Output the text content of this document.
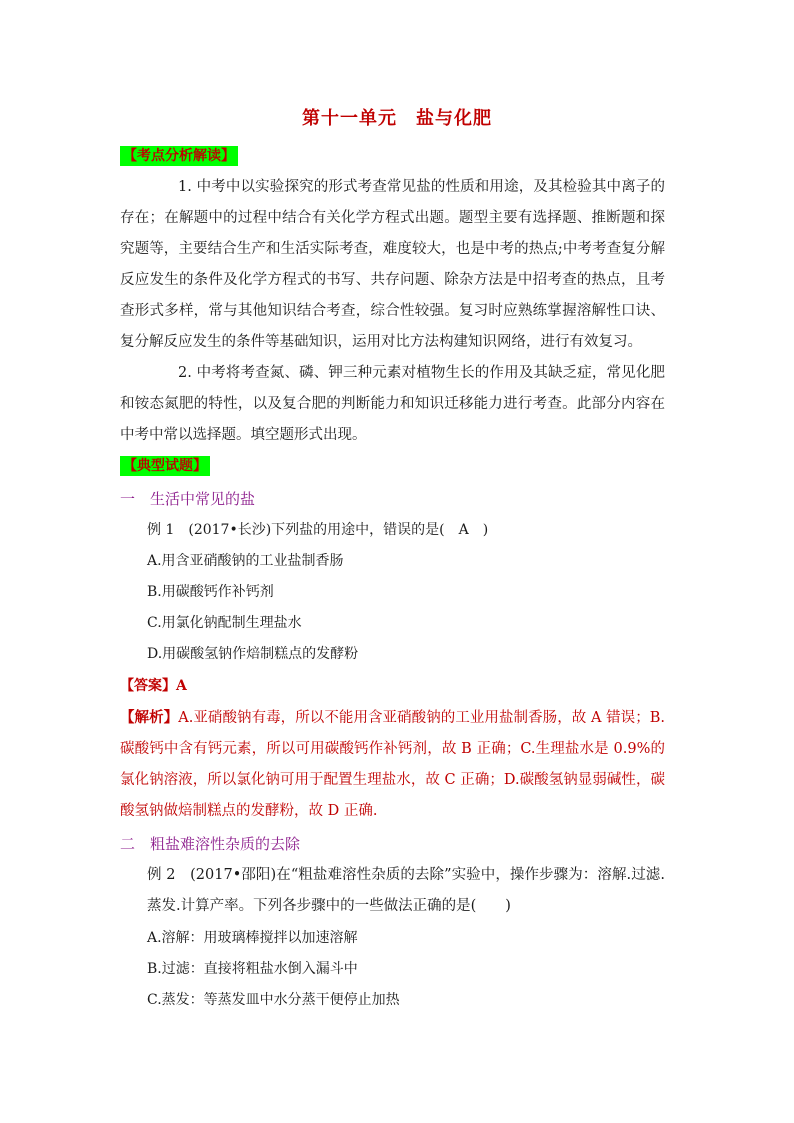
第十一单元　盐与化肥
【考点分析解读】
1. 中考中以实验探究的形式考查常见盐的性质和用途，及其检验其中离子的存在；在解题中的过程中结合有关化学方程式出题。题型主要有选择题、推断题和探究题等，主要结合生产和生活实际考查，难度较大，也是中考的热点;中考考查复分解反应发生的条件及化学方程式的书写、共存问题、除杂方法是中招考查的热点，且考查形式多样，常与其他知识结合考查，综合性较强。复习时应熟练掌握溶解性口诀、复分解反应发生的条件等基础知识，运用对比方法构建知识网络，进行有效复习。
2. 中考将考查氮、磷、钾三种元素对植物生长的作用及其缺乏症，常见化肥和铵态氮肥的特性，以及复合肥的判断能力和知识迁移能力进行考查。此部分内容在中考中常以选择题。填空题形式出现。
【典型试题】
一　生活中常见的盐
例 1　(2017•长沙)下列盐的用途中，错误的是(　A　)
A.用含亚硝酸钠的工业盐制香肠
B.用碳酸钙作补钙剂
C.用氯化钠配制生理盐水
D.用碳酸氢钠作焙制糕点的发酵粉
【答案】A
【解析】A.亚硝酸钠有毒，所以不能用含亚硝酸钠的工业用盐制香肠，故 A 错误；B.碳酸钙中含有钙元素，所以可用碳酸钙作补钙剂，故 B 正确；C.生理盐水是 0.9%的氯化钠溶液，所以氯化钠可用于配置生理盐水，故 C 正确；D.碳酸氢钠显弱碱性，碳酸氢钠做焙制糕点的发酵粉，故 D 正确.
二　粗盐难溶性杂质的去除
例 2　(2017•邵阳)在“粗盐难溶性杂质的去除”实验中，操作步骤为：溶解.过滤.蒸发.计算产率。下列各步骤中的一些做法正确的是(　　)
A.溶解：用玻璃棒搅拌以加速溶解
B.过滤：直接将粗盐水倒入漏斗中
C.蒸发：等蒸发皿中水分蒸干便停止加热
